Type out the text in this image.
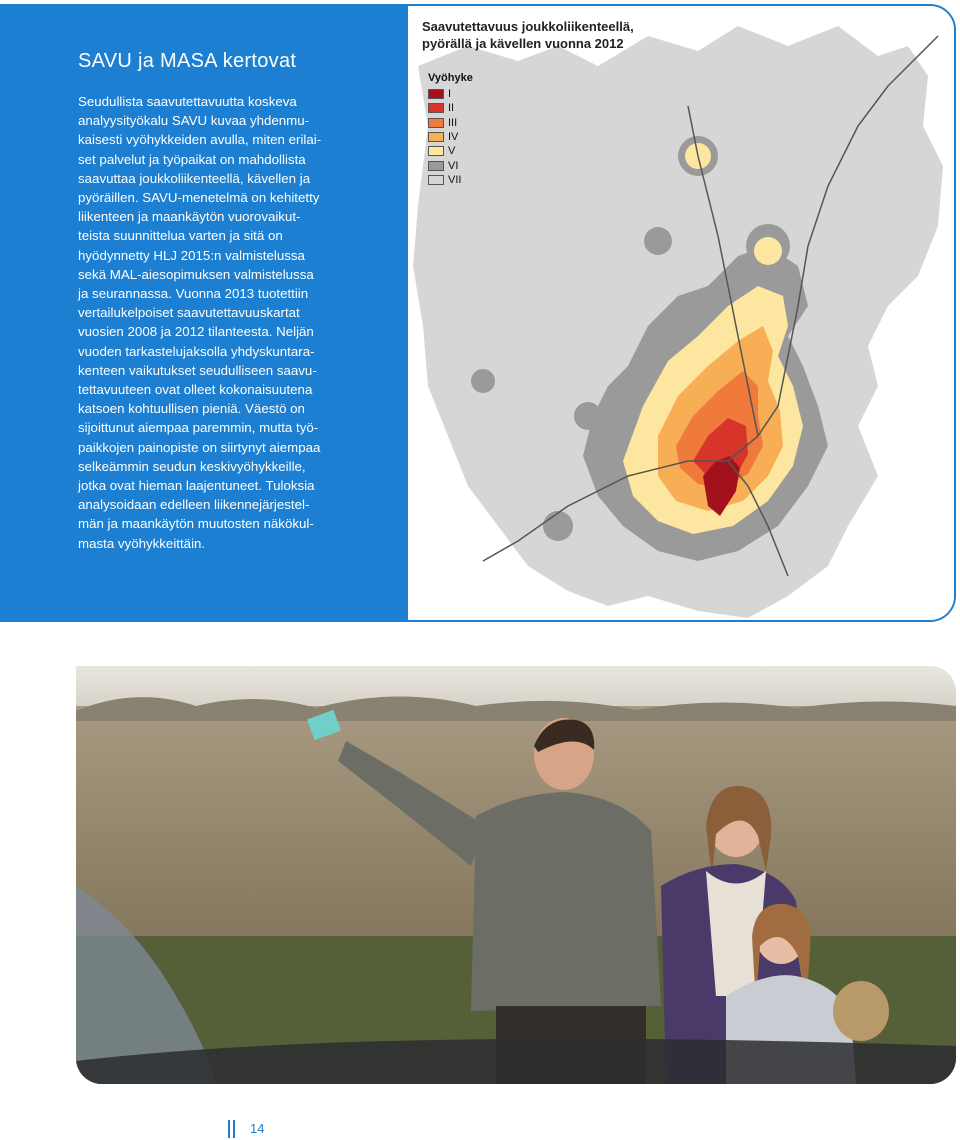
SAVU ja MASA kertovat
Seudullista saavutettavuutta koskeva
analyysityökalu SAVU kuvaa yhdenmu-
kaisesti vyöhykkeiden avulla, miten erilai-
set palvelut ja työpaikat on mahdollista
saavuttaa joukkoliikenteellä, kävellen ja
pyöräillen. SAVU-menetelmä on kehitetty
liikenteen ja maankäytön vuorovaikut-
teista suunnittelua varten ja sitä on
hyödynnetty HLJ 2015:n valmistelussa
sekä MAL-aiesopimuksen valmistelussa
ja seurannassa. Vuonna 2013 tuotettiin
vertailukelpoiset saavutettavuuskartat
vuosien 2008 ja 2012 tilanteesta. Neljän
vuoden tarkastelujaksolla yhdyskuntara-
kenteen vaikutukset seudulliseen saavu-
tettavuuteen ovat olleet kokonaisuutena
katsoen kohtuullisen pieniä. Väestö on
sijoittunut aiempaa paremmin, mutta työ-
paikkojen painopiste on siirtynyt aiempaa
selkeämmin seudun keskivyöhykkeille,
jotka ovat hieman laajentuneet. Tuloksia
analysoidaan edelleen liikennejärjestel-
män ja maankäytön muutosten näkökul-
masta vyöhykkeittäin.
Saavutettavuus joukkoliikenteellä,
pyörällä ja kävellen vuonna 2012
Vyöhyke
I
II
III
IV
V
VI
VII
14
